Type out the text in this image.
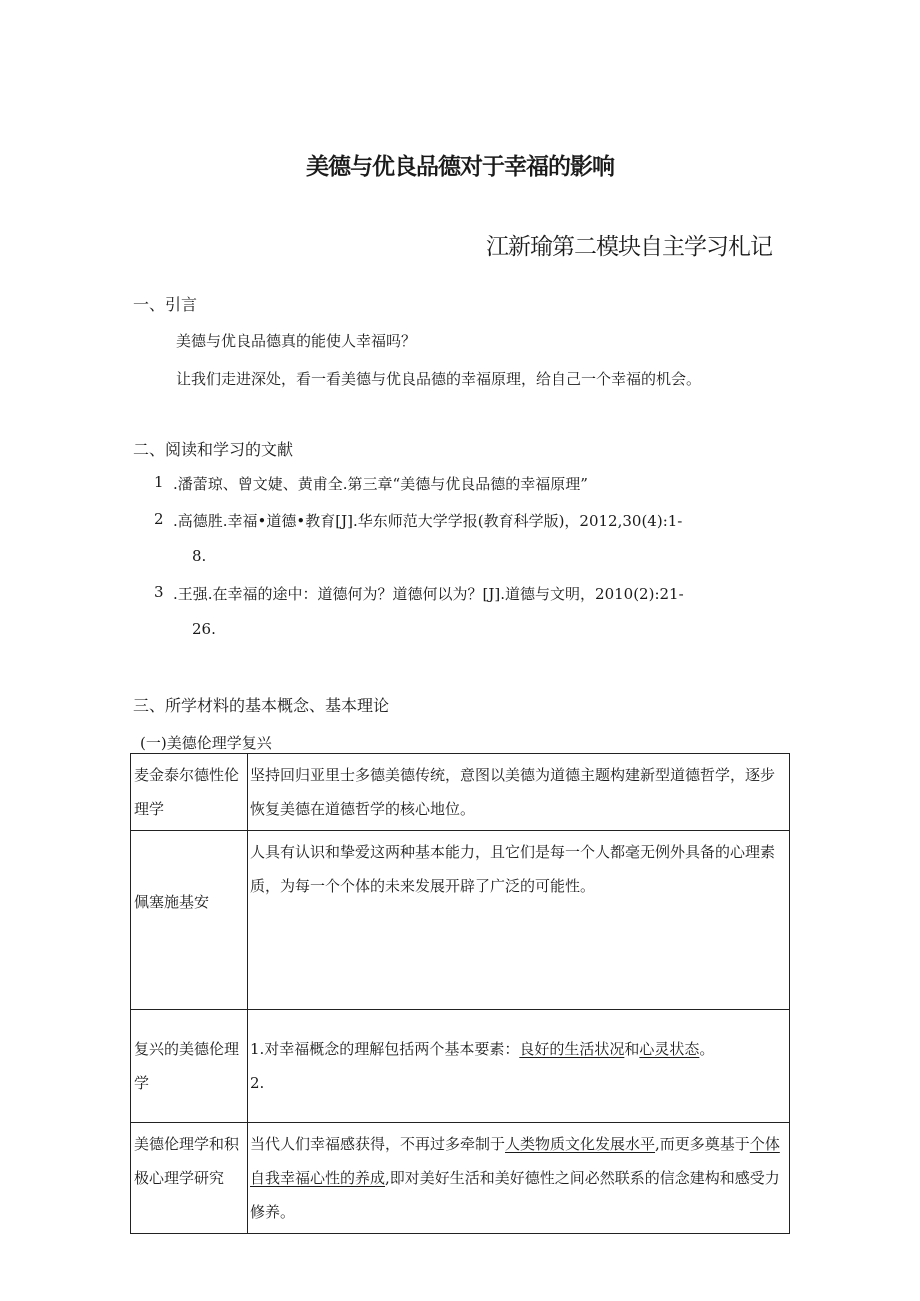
美德与优良品德对于幸福的影响
江新瑜第二模块自主学习札记
一、引言
美德与优良品德真的能使人幸福吗？
让我们走进深处，看一看美德与优良品德的幸福原理，给自己一个幸福的机会。
二、阅读和学习的文献
1 .潘蕾琼、曾文婕、黄甫全.第三章“美德与优良品德的幸福原理”
2 .高德胜.幸福•道德•教育[J].华东师范大学学报(教育科学版)，2012,30(4):1-
8.
3 .王强.在幸福的途中：道德何为？道德何以为？[J].道德与文明，2010(2):21-
26.
三、所学材料的基本概念、基本理论
(一)美德伦理学复兴
麦金泰尔德性伦理学	坚持回归亚里士多德美德传统，意图以美德为道德主题构建新型道德哲学，逐步恢复美德在道德哲学的核心地位。

佩塞施基安	人具有认识和挚爱这两种基本能力，且它们是每一个人都毫无例外具备的心理素质，为每一个个体的未来发展开辟了广泛的可能性。

复兴的美德伦理学	1.对幸福概念的理解包括两个基本要素：良好的生活状况和心灵状态。
2.

美德伦理学和积极心理学研究	当代人们幸福感获得，不再过多牵制于人类物质文化发展水平,而更多奠基于个体自我幸福心性的养成,即对美好生活和美好德性之间必然联系的信念建构和感受力修养。
